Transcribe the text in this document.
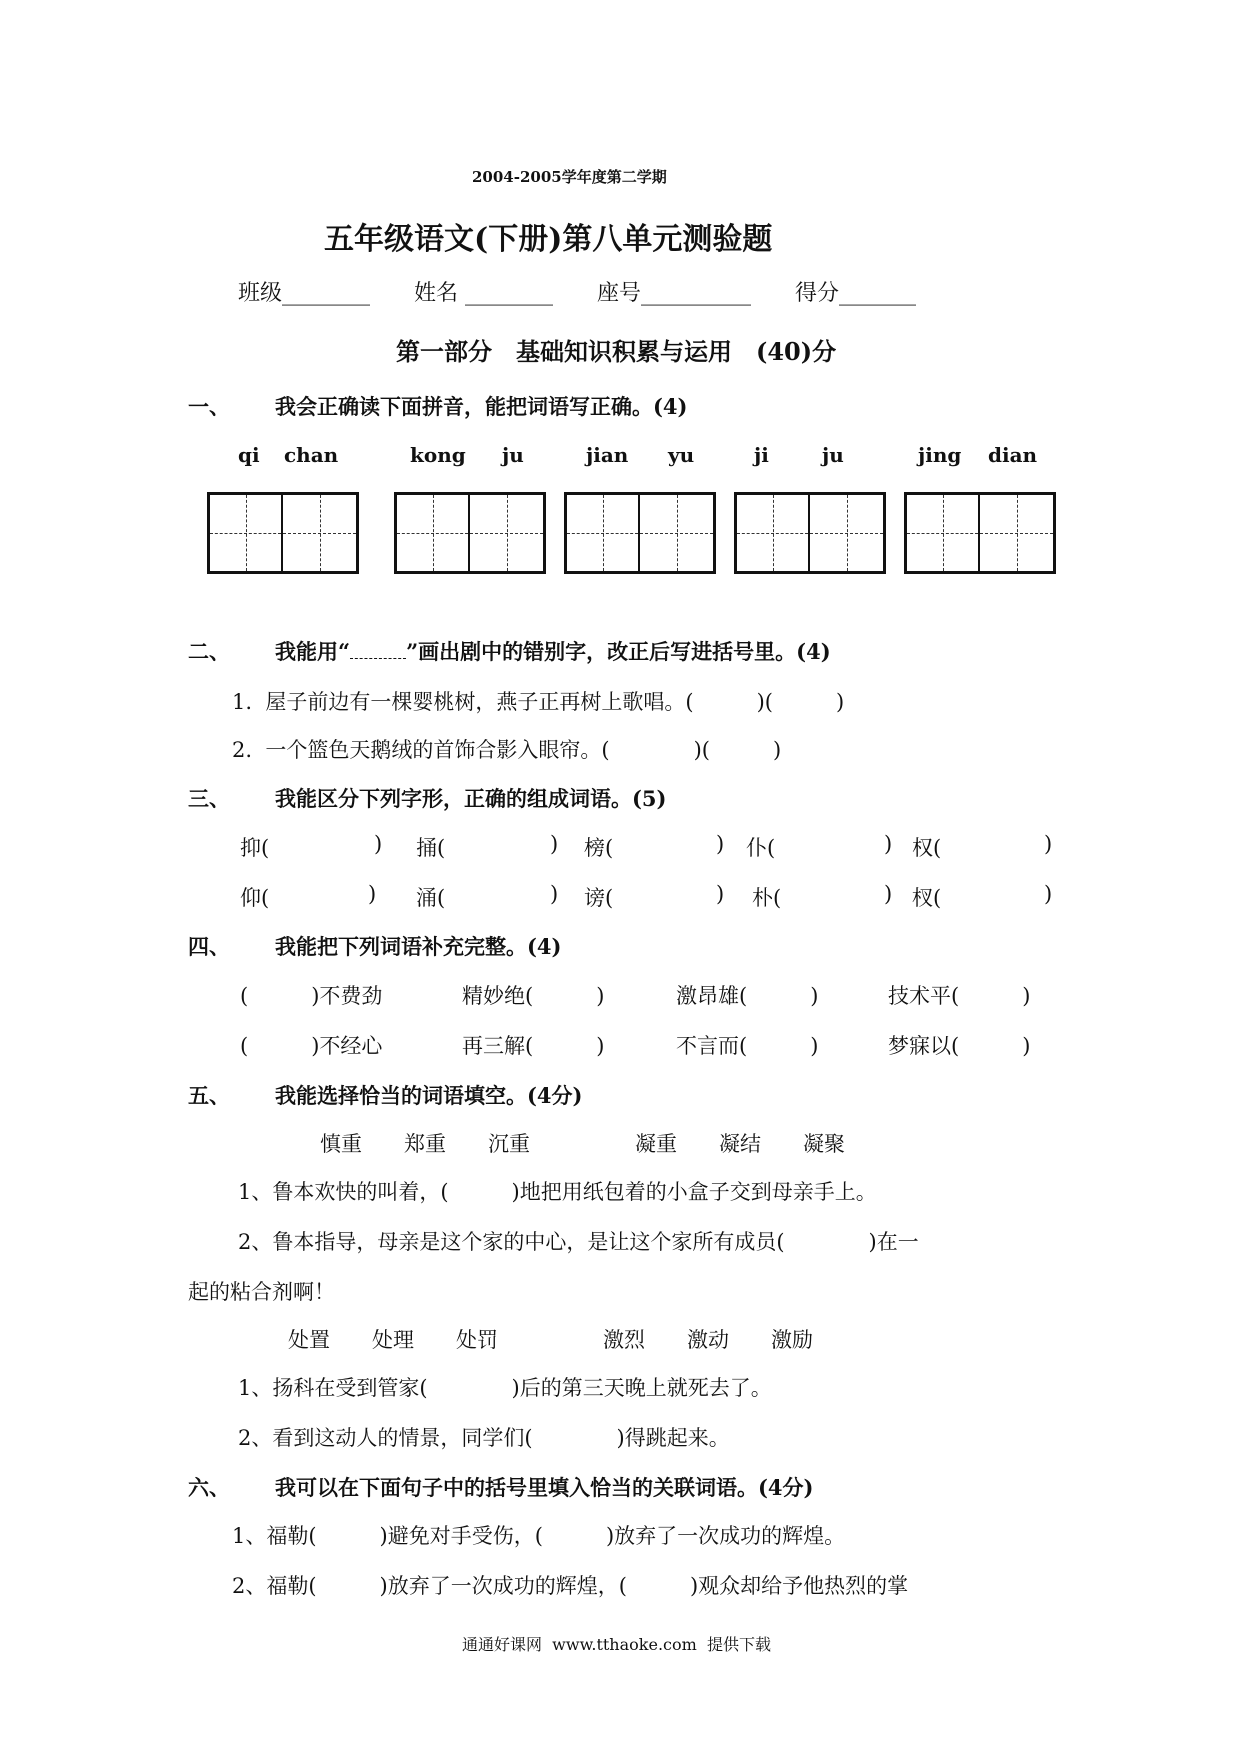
2004-2005学年度第二学期
五年级语文(下册)第八单元测验题
班级________　　姓名 ________　　座号__________　　得分_______
第一部分　基础知识积累与运用　(40)分
一、 我会正确读下面拼音，能把词语写正确。(4)
qi chan	kong ju	jian yu	ji	ju	jing dian
二、 我能用“	”画出剧中的错别字，改正后写进括号里。(4)
1.  屋子前边有一棵婴桃树，燕子正再树上歌唱。(　　　)(　　　)
2.  一个篮色天鹅绒的首饰合影入眼帘。(　　　　)(　　　)
三、 我能区分下列字形，正确的组成词语。(5)
抑(	) 捅(	) 榜(	) 仆(	) 权(	)
仰(	) 涌(	) 谤(	) 朴(	) 杈(	)
四、 我能把下列词语补充完整。(4)
(　　　)不费劲	精妙绝(　　　)	激昂雄(　　　)	技术平(　　　)
(　　　)不经心	再三解(　　　)	不言而(　　　)	梦寐以(　　　)
五、 我能选择恰当的词语填空。(4分)
慎重　　郑重　　沉重　　　　　凝重　　凝结　　凝聚
1、鲁本欢快的叫着，(　　　)地把用纸包着的小盒子交到母亲手上。
2、鲁本指导，母亲是这个家的中心，是让这个家所有成员(　　　　)在一
起的粘合剂啊！
处置　　处理　　处罚　　　　　激烈　　激动　　激励
1、扬科在受到管家(　　　　)后的第三天晚上就死去了。
2、看到这动人的情景，同学们(　　　　)得跳起来。
六、 我可以在下面句子中的括号里填入恰当的关联词语。(4分)
1、福勒(　　　)避免对手受伤，(　　　)放弃了一次成功的辉煌。
2、福勒(　　　)放弃了一次成功的辉煌，(　　　)观众却给予他热烈的掌
通通好课网  www.tthaoke.com  提供下载
